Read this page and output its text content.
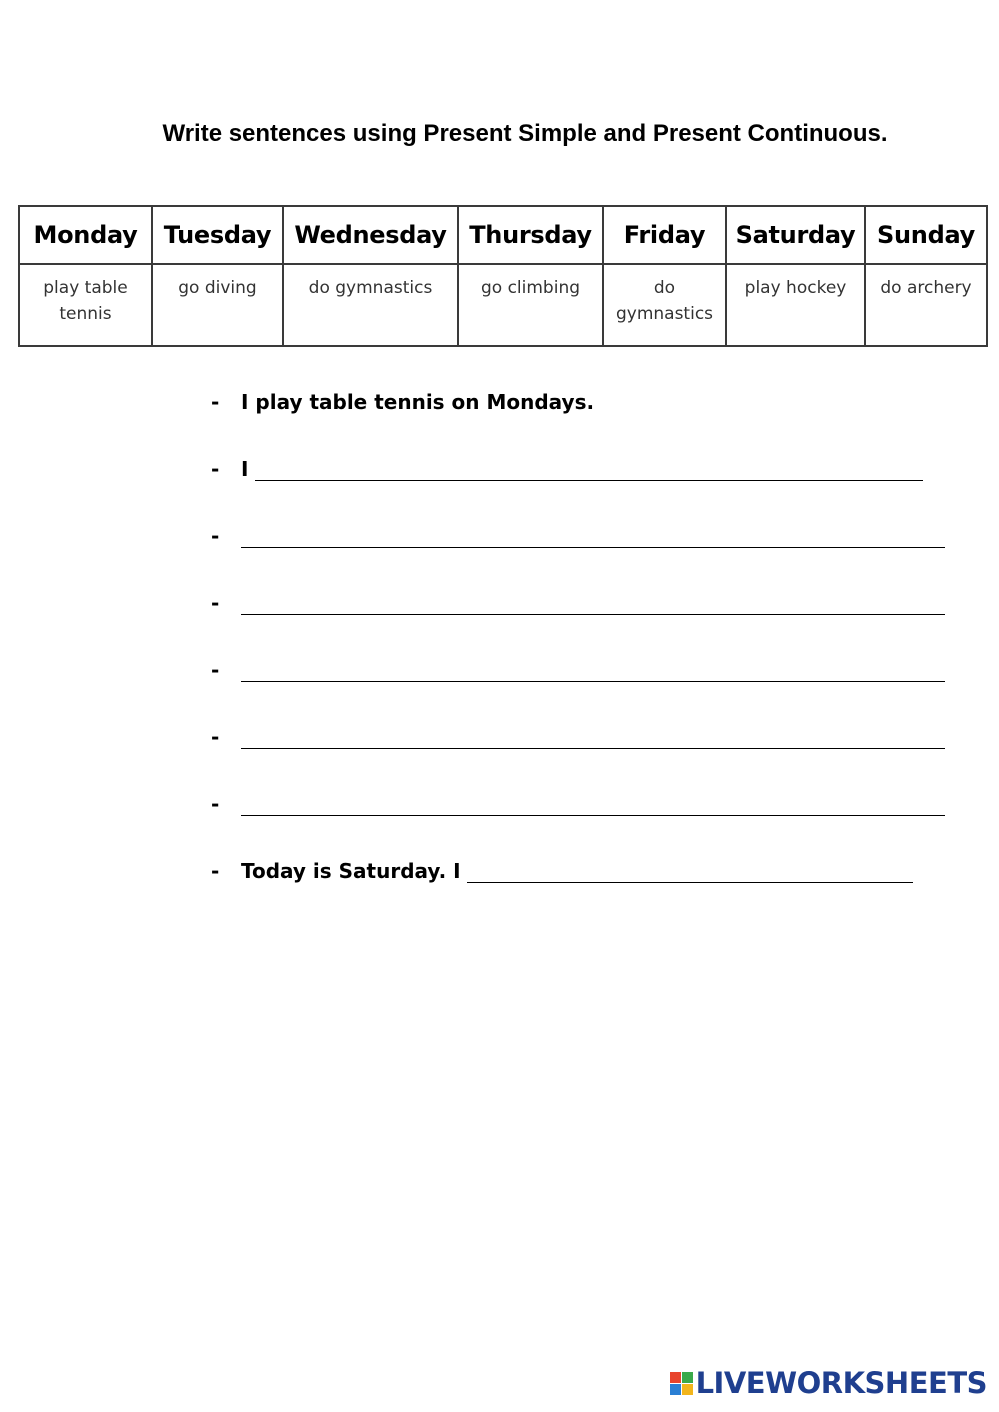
Write sentences using Present Simple and Present Continuous.
Monday	Tuesday	Wednesday	Thursday	Friday	Saturday	Sunday
play table tennis	go diving	do gymnastics	go climbing	do gymnastics	play hockey	do archery
- I play table tennis on Mondays.
- I
-
-
-
-
-
- Today is Saturday. I
LIVEWORKSHEETS
